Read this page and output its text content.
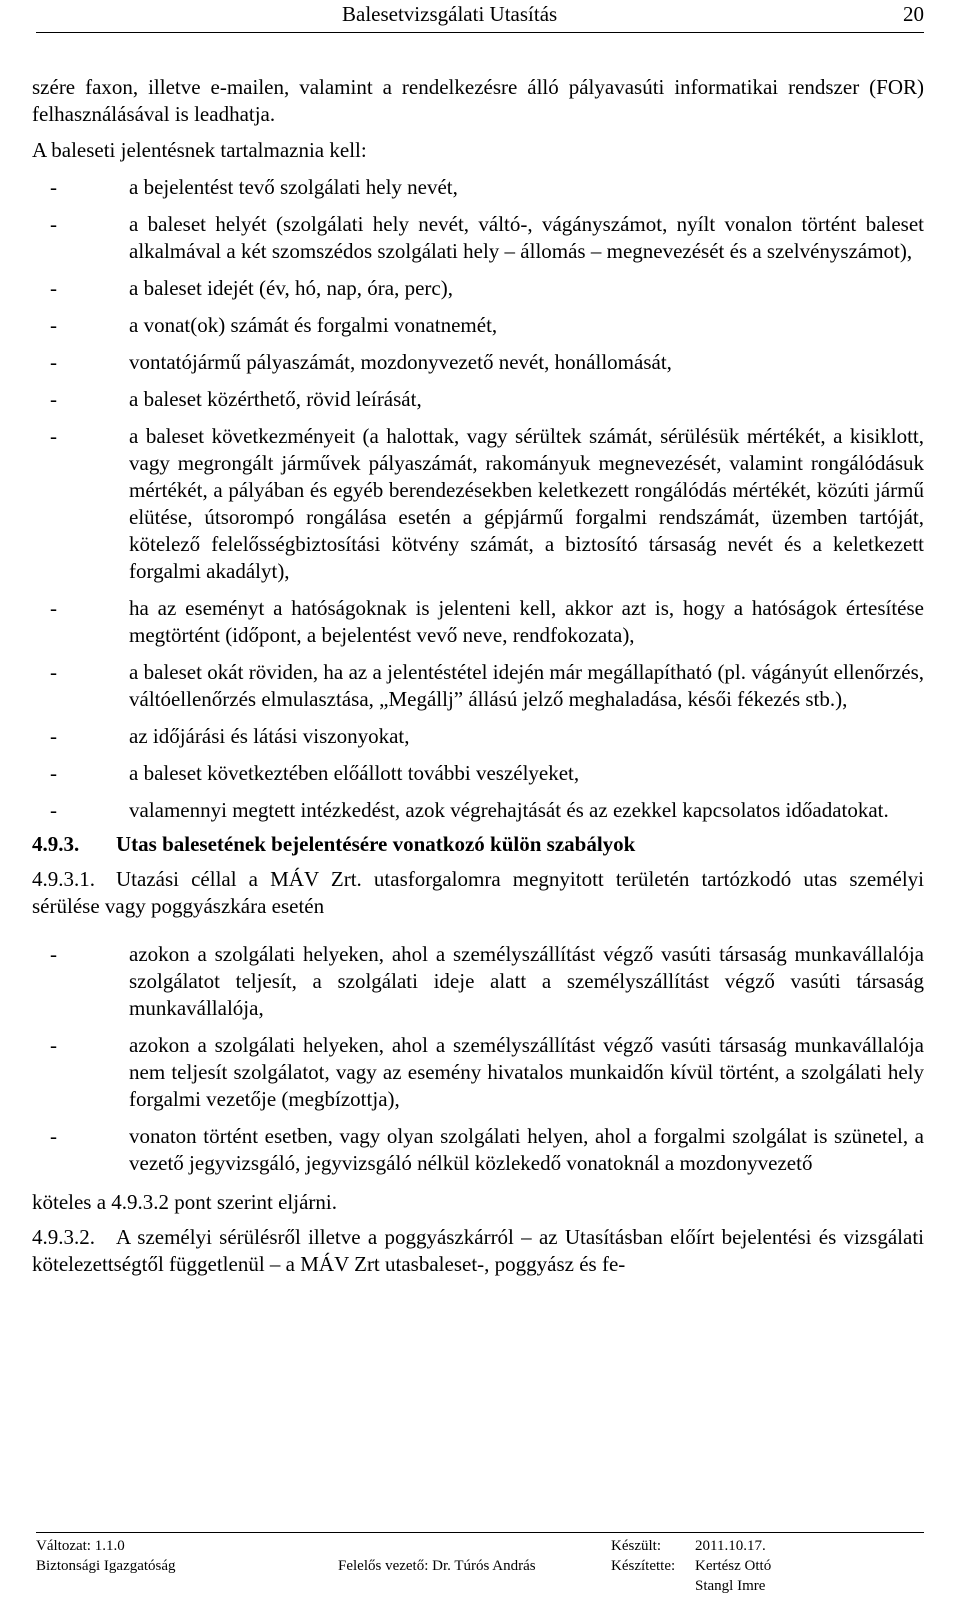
Balesetvizsgálati Utasítás	20

szére faxon, illetve e-mailen, valamint a rendelkezésre álló pályavasúti informatikai rendszer (FOR) felhasználásával is leadhatja.

A baleseti jelentésnek tartalmaznia kell:

-	a bejelentést tevő szolgálati hely nevét,
-	a baleset helyét (szolgálati hely nevét, váltó-, vágányszámot, nyílt vonalon történt baleset alkalmával a két szomszédos szolgálati hely – állomás – megnevezését és a szelvényszámot),
-	a baleset idejét (év, hó, nap, óra, perc),
-	a vonat(ok) számát és forgalmi vonatnemét,
-	vontatójármű pályaszámát, mozdonyvezető nevét, honállomását,
-	a baleset közérthető, rövid leírását,
-	a baleset következményeit (a halottak, vagy sérültek számát, sérülésük mértékét, a kisiklott, vagy megrongált járművek pályaszámát, rakományuk megnevezését, valamint rongálódásuk mértékét, a pályában és egyéb berendezésekben keletkezett rongálódás mértékét, közúti jármű elütése, útsorompó rongálása esetén a gépjármű forgalmi rendszámát, üzemben tartóját, kötelező felelősségbiztosítási kötvény számát, a biztosító társaság nevét és a keletkezett forgalmi akadályt),
-	ha az eseményt a hatóságoknak is jelenteni kell, akkor azt is, hogy a hatóságok értesítése megtörtént (időpont, a bejelentést vevő neve, rendfokozata),
-	a baleset okát röviden, ha az a jelentéstétel idején már megállapítható (pl. vágányút ellenőrzés, váltóellenőrzés elmulasztása, „Megállj” állású jelző meghaladása, késői fékezés stb.),
-	az időjárási és látási viszonyokat,
-	a baleset következtében előállott további veszélyeket,
-	valamennyi megtett intézkedést, azok végrehajtását és az ezekkel kapcsolatos időadatokat.
4.9.3.	Utas balesetének bejelentésére vonatkozó külön szabályok

4.9.3.1. Utazási céllal a MÁV Zrt. utasforgalomra megnyitott területén tartózkodó utas személyi sérülése vagy poggyászkára esetén

-	azokon a szolgálati helyeken, ahol a személyszállítást végző vasúti társaság munkavállalója szolgálatot teljesít, a szolgálati ideje alatt a személyszállítást végző vasúti társaság munkavállalója,
-	azokon a szolgálati helyeken, ahol a személyszállítást végző vasúti társaság munkavállalója nem teljesít szolgálatot, vagy az esemény hivatalos munkaidőn kívül történt, a szolgálati hely forgalmi vezetője (megbízottja),
-	vonaton történt esetben, vagy olyan szolgálati helyen, ahol a forgalmi szolgálat is szünetel, a vezető jegyvizsgáló, jegyvizsgáló nélkül közlekedő vonatoknál a mozdonyvezető

köteles a 4.9.3.2 pont szerint eljárni.

4.9.3.2. A személyi sérülésről illetve a poggyászkárról – az Utasításban előírt bejelentési és vizsgálati kötelezettségtől függetlenül – a MÁV Zrt utasbaleset-, poggyász és fe-

Változat: 1.1.0
Biztonsági Igazgatóság	Felelős vezető: Dr. Túrós András
Készült: 2011.10.17.
Készítette: Kertész Ottó
Stangl Imre
